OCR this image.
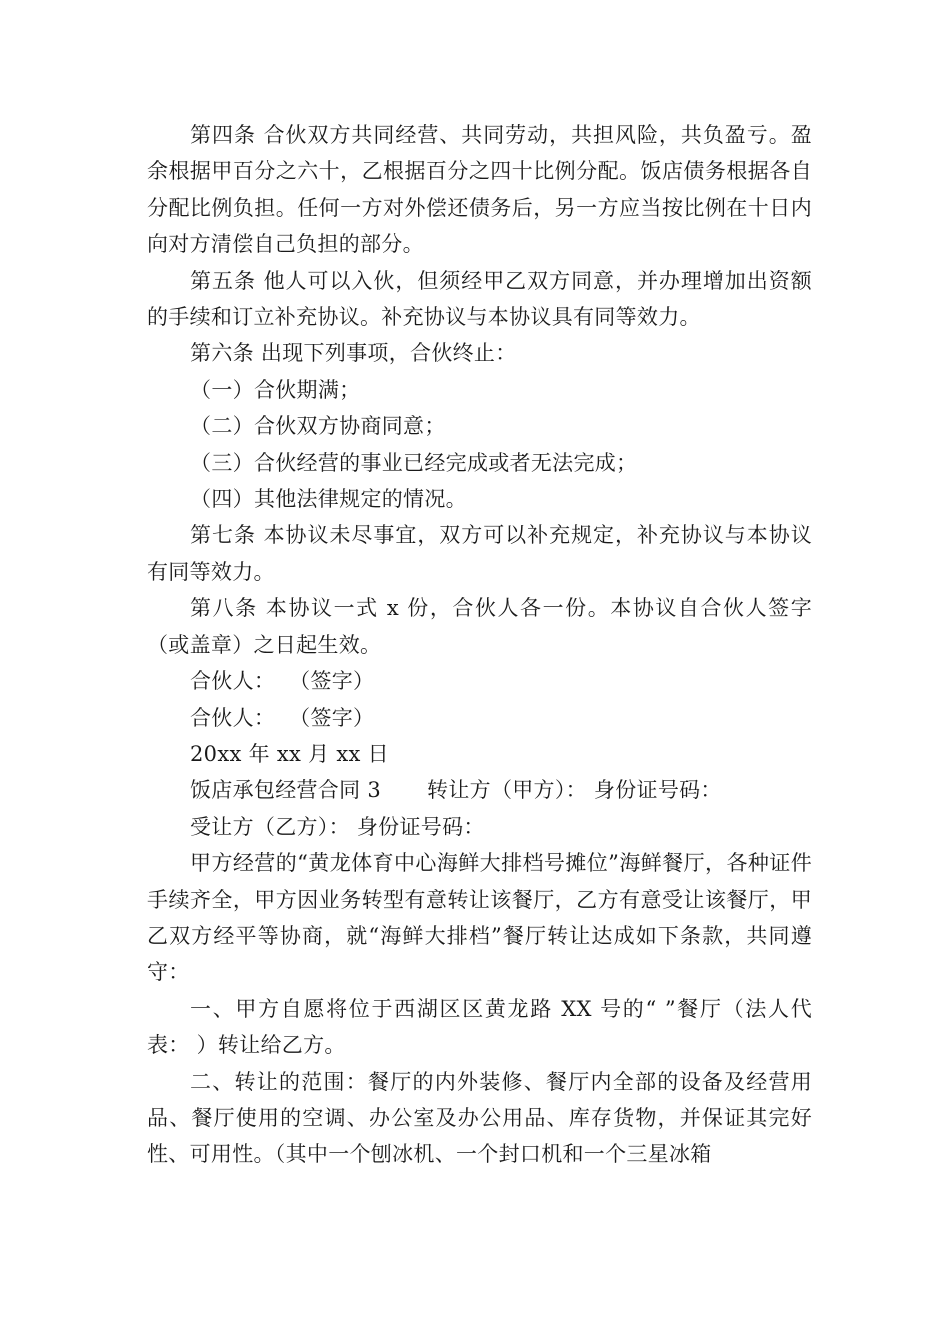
第四条 合伙双方共同经营、共同劳动，共担风险，共负盈亏。盈余根据甲百分之六十，乙根据百分之四十比例分配。饭店债务根据各自分配比例负担。任何一方对外偿还债务后，另一方应当按比例在十日内向对方清偿自己负担的部分。

第五条 他人可以入伙，但须经甲乙双方同意，并办理增加出资额的手续和订立补充协议。补充协议与本协议具有同等效力。

第六条 出现下列事项，合伙终止：

（一）合伙期满；

（二）合伙双方协商同意；

（三）合伙经营的事业已经完成或者无法完成；

（四）其他法律规定的情况。

第七条 本协议未尽事宜，双方可以补充规定，补充协议与本协议有同等效力。

第八条 本协议一式 x 份，合伙人各一份。本协议自合伙人签字（或盖章）之日起生效。

合伙人： （签字）

合伙人： （签字）

20xx 年 xx 月 xx 日

饭店承包经营合同 3 转让方（甲方）： 身份证号码：

受让方（乙方）： 身份证号码：

甲方经营的“黄龙体育中心海鲜大排档号摊位”海鲜餐厅，各种证件手续齐全，甲方因业务转型有意转让该餐厅，乙方有意受让该餐厅，甲乙双方经平等协商，就“海鲜大排档”餐厅转让达成如下条款，共同遵守：

一、甲方自愿将位于西湖区区黄龙路 XX 号的“ ”餐厅（法人代表： ）转让给乙方。

二、转让的范围：餐厅的内外装修、餐厅内全部的设备及经营用品、餐厅使用的空调、办公室及办公用品、库存货物，并保证其完好性、可用性。（其中一个刨冰机、一个封口机和一个三星冰箱
